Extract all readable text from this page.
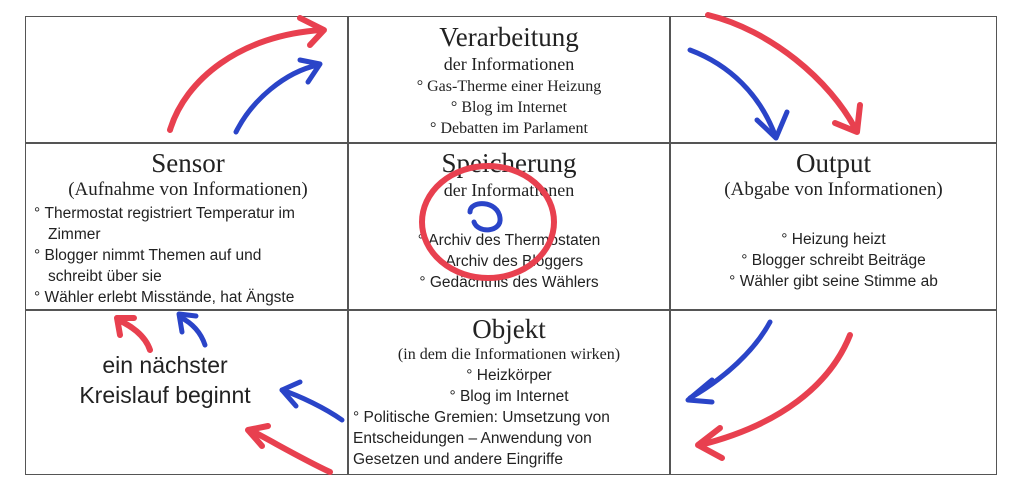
Verarbeitung
der Informationen
° Gas-Therme einer Heizung
° Blog im Internet
° Debatten im Parlament
Sensor
(Aufnahme von Informationen)
° Thermostat registriert Temperatur im Zimmer
° Blogger nimmt Themen auf und schreibt über sie
° Wähler erlebt Misstände, hat Ängste
Speicherung
der Informationen
° Archiv des Thermostaten
° Archiv des Bloggers
° Gedächtnis des Wählers
Output
(Abgabe von Informationen)
° Heizung heizt
° Blogger schreibt Beiträge
° Wähler gibt seine Stimme ab
ein nächster
Kreislauf beginnt
Objekt
(in dem die Informationen wirken)
° Heizkörper
° Blog im Internet
° Politische Gremien: Umsetzung von Entscheidungen – Anwendung von Gesetzen und andere Eingriffe
